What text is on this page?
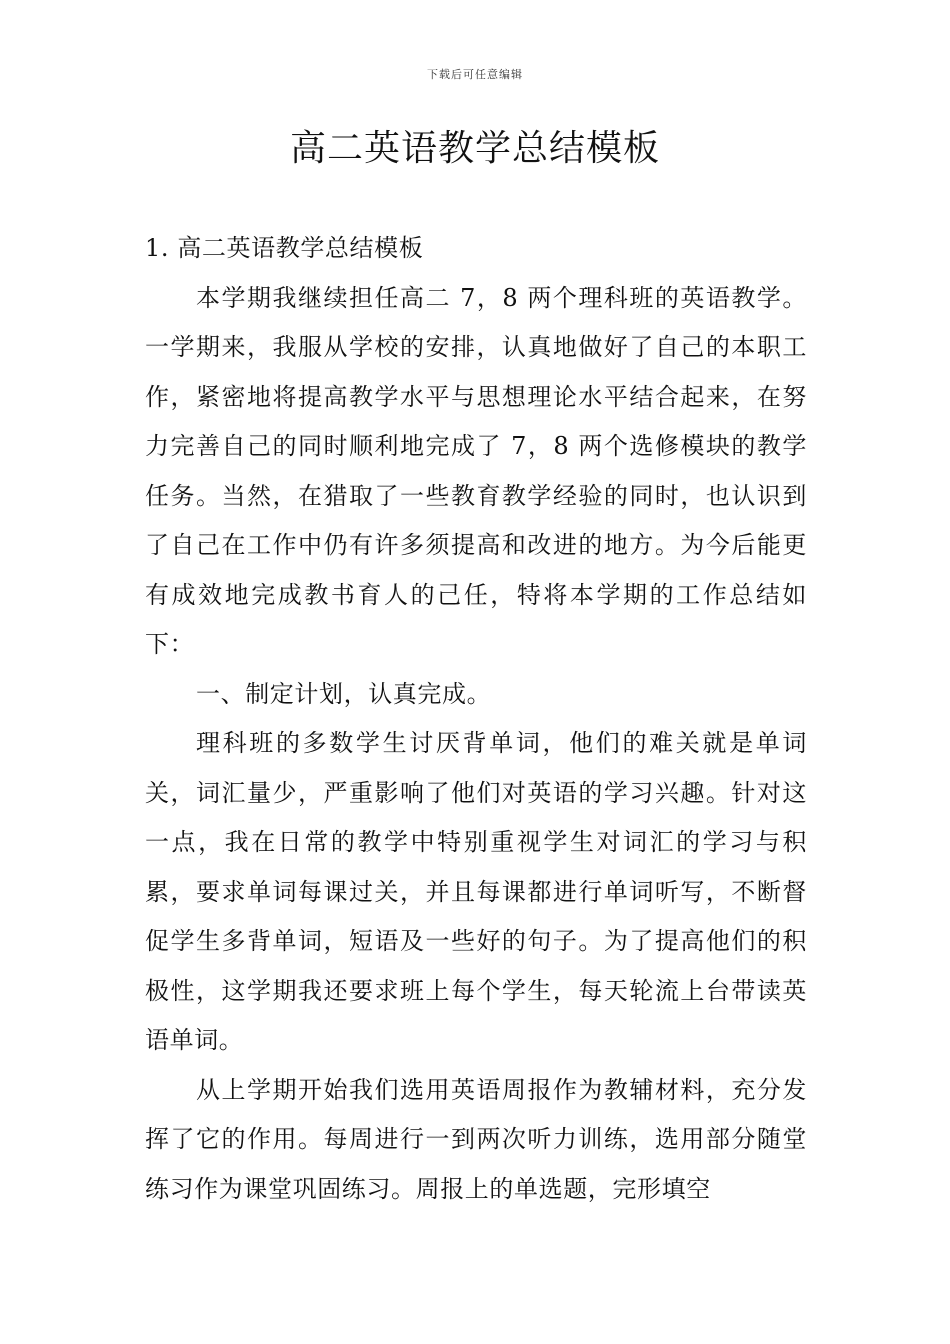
下载后可任意编辑
高二英语教学总结模板

1. 高二英语教学总结模板

本学期我继续担任高二 7，8 两个理科班的英语教学。一学期来，我服从学校的安排，认真地做好了自己的本职工作，紧密地将提高教学水平与思想理论水平结合起来，在努力完善自己的同时顺利地完成了 7，8 两个选修模块的教学任务。当然，在猎取了一些教育教学经验的同时，也认识到了自己在工作中仍有许多须提高和改进的地方。为今后能更有成效地完成教书育人的己任，特将本学期的工作总结如下：

一、制定计划，认真完成。

理科班的多数学生讨厌背单词，他们的难关就是单词关，词汇量少，严重影响了他们对英语的学习兴趣。针对这一点，我在日常的教学中特别重视学生对词汇的学习与积累，要求单词每课过关，并且每课都进行单词听写，不断督促学生多背单词，短语及一些好的句子。为了提高他们的积极性，这学期我还要求班上每个学生，每天轮流上台带读英语单词。

从上学期开始我们选用英语周报作为教辅材料，充分发挥了它的作用。每周进行一到两次听力训练，选用部分随堂练习作为课堂巩固练习。周报上的单选题，完形填空
